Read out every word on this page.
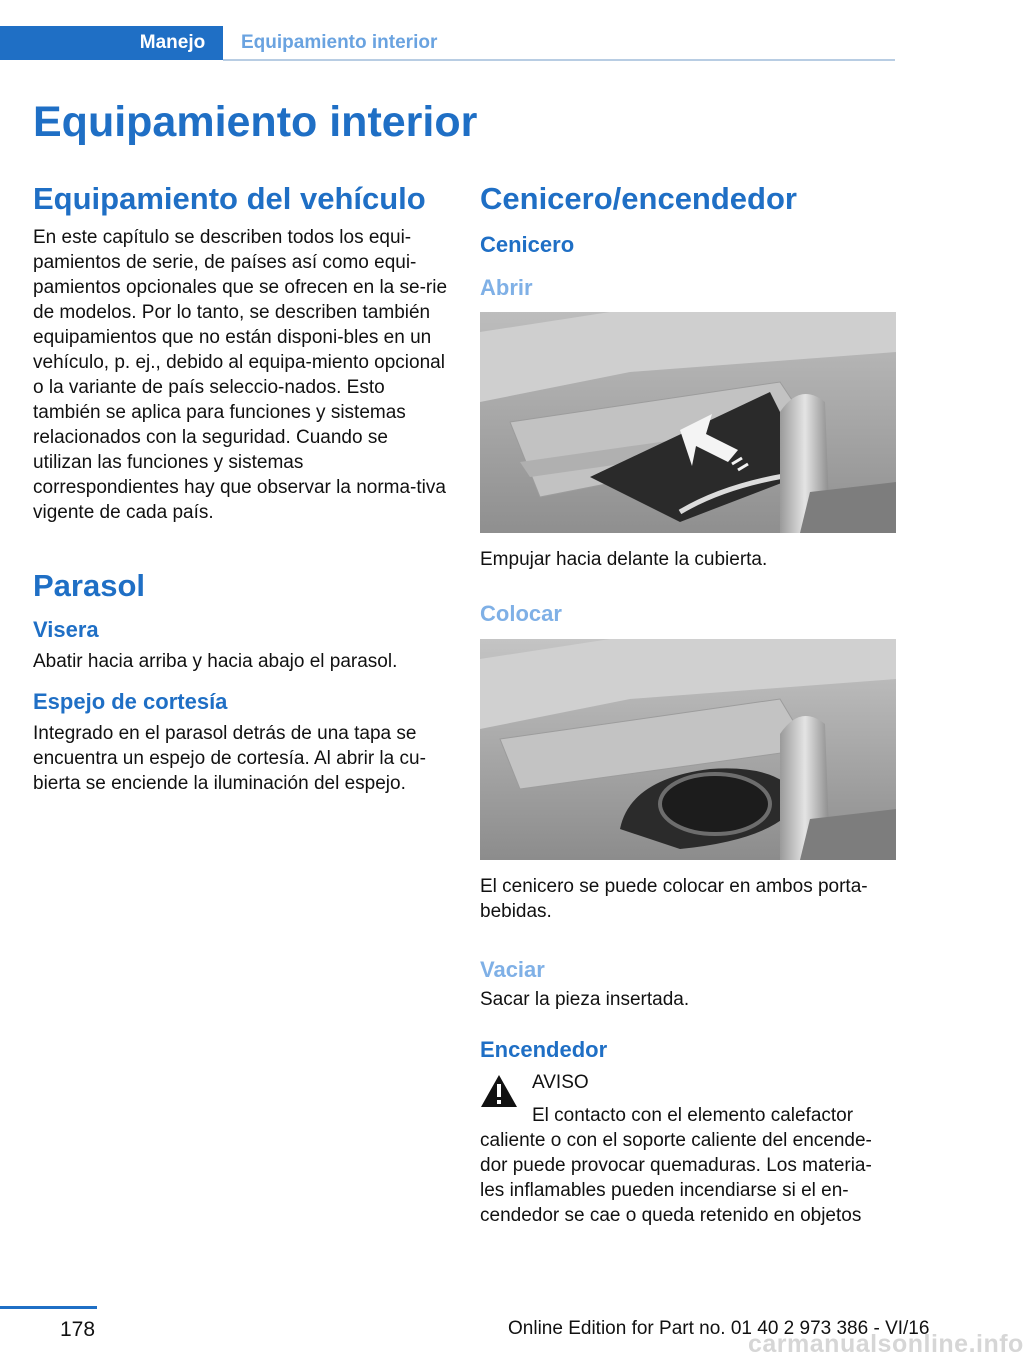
Manejo	Equipamiento interior
Equipamiento interior
Equipamiento del vehículo

En este capítulo se describen todos los equi-pamientos de serie, de países así como equi-pamientos opcionales que se ofrecen en la se-rie de modelos. Por lo tanto, se describen también equipamientos que no están disponi-bles en un vehículo, p. ej., debido al equipa-miento opcional o la variante de país seleccio-nados. Esto también se aplica para funciones y sistemas relacionados con la seguridad. Cuando se utilizan las funciones y sistemas correspondientes hay que observar la norma-tiva vigente de cada país.

Parasol
Visera

Abatir hacia arriba y hacia abajo el parasol.

Espejo de cortesía

Integrado en el parasol detrás de una tapa se encuentra un espejo de cortesía. Al abrir la cu-bierta se enciende la iluminación del espejo.

Cenicero/encendedor
Cenicero
Abrir

Empujar hacia delante la cubierta.

Colocar

El cenicero se puede colocar en ambos porta-bebidas.

Vaciar

Sacar la pieza insertada.

Encendedor

AVISO

El contacto con el elemento calefactor caliente o con el soporte caliente del encende-dor puede provocar quemaduras. Los materia-les inflamables pueden incendiarse si el en-cendedor se cae o queda retenido en objetos

178	Online Edition for Part no. 01 40 2 973 386 - VI/16
carmanualsonline.info
